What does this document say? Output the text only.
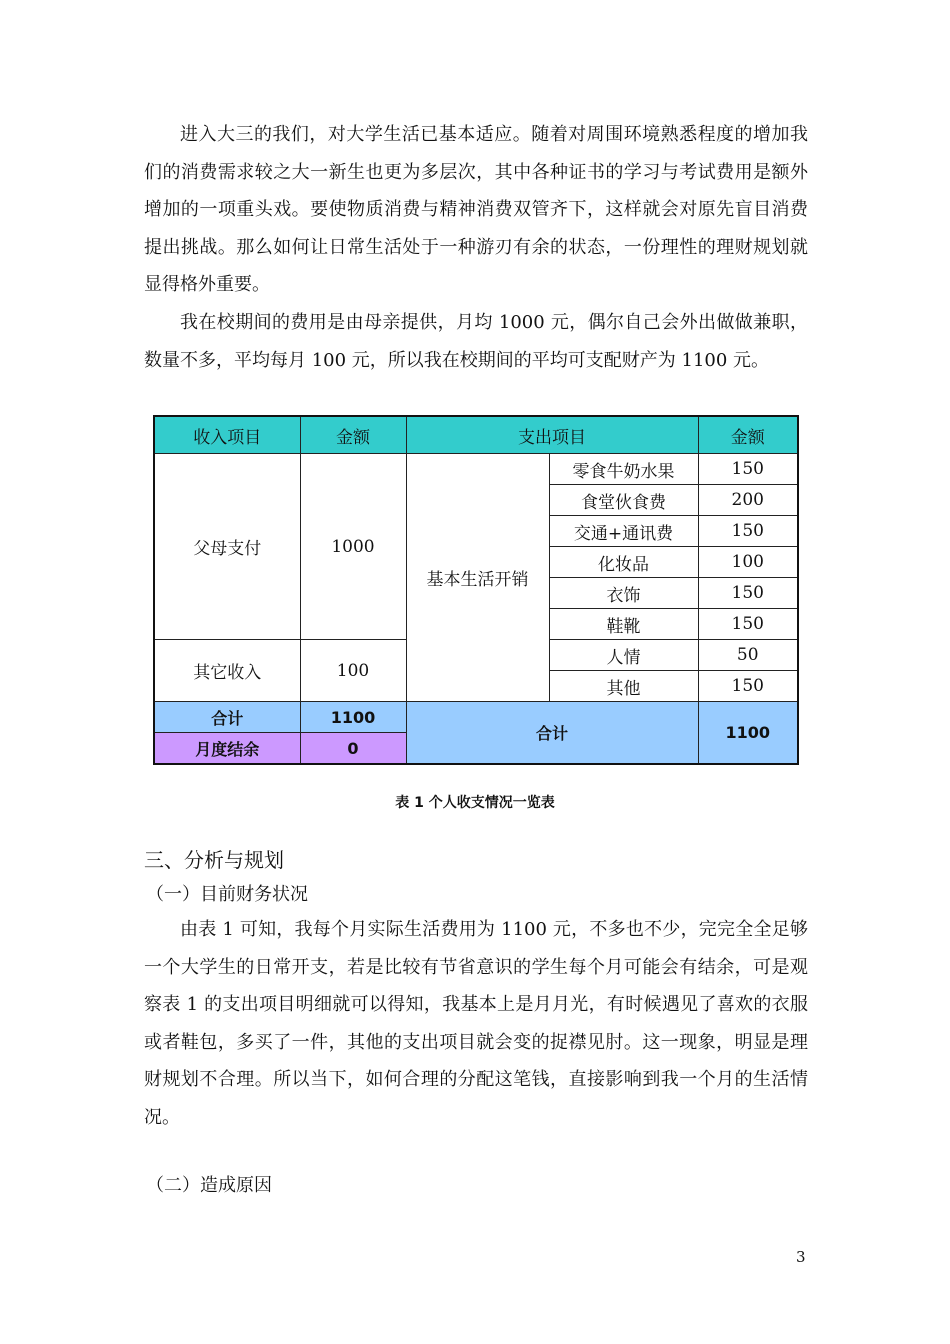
进入大三的我们，对大学生活已基本适应。随着对周围环境熟悉程度的增加我们的消费需求较之大一新生也更为多层次，其中各种证书的学习与考试费用是额外增加的一项重头戏。要使物质消费与精神消费双管齐下，这样就会对原先盲目消费提出挑战。那么如何让日常生活处于一种游刃有余的状态，一份理性的理财规划就显得格外重要。

我在校期间的费用是由母亲提供，月均 1000 元，偶尔自己会外出做做兼职，数量不多，平均每月 100 元，所以我在校期间的平均可支配财产为 1100 元。

收入项目	金额	支出项目		金额
父母支付	1000	基本生活开销	零食牛奶水果	150
			食堂伙食费	200
			交通+通讯费	150
			化妆品	100
			衣饰	150
			鞋靴	150
其它收入	100		人情	50
			其他	150
合计	1100	合计		1100
月度结余	0			
表 1 个人收支情况一览表
三、分析与规划
（一）目前财务状况

由表 1 可知，我每个月实际生活费用为 1100 元，不多也不少，完完全全足够一个大学生的日常开支，若是比较有节省意识的学生每个月可能会有结余，可是观察表 1 的支出项目明细就可以得知，我基本上是月月光，有时候遇见了喜欢的衣服或者鞋包，多买了一件，其他的支出项目就会变的捉襟见肘。这一现象，明显是理财规划不合理。所以当下，如何合理的分配这笔钱，直接影响到我一个月的生活情况。

（二）造成原因
3
